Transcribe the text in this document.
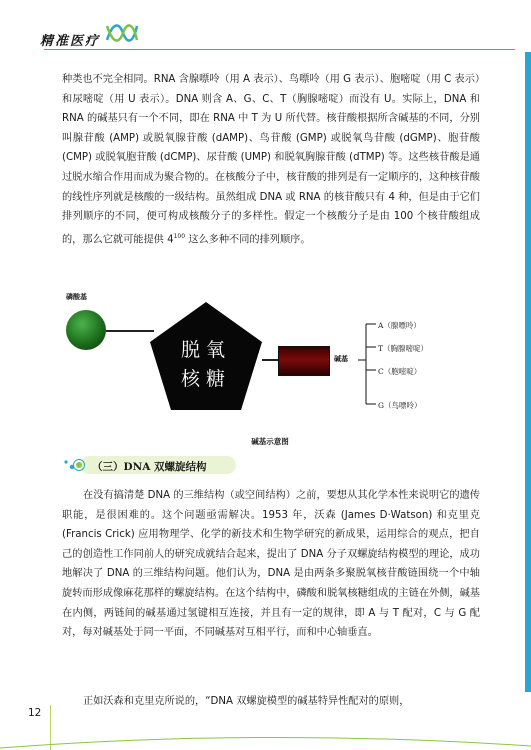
精准医疗
种类也不完全相同。RNA 含腺嘌呤（用 A 表示）、鸟嘌呤（用 G 表示）、胞嘧啶（用 C 表示）和尿嘧啶（用 U 表示）。DNA 则含 A、G、C、T（胸腺嘧啶）而没有 U。实际上，DNA 和 RNA 的碱基只有一个不同，即在 RNA 中 T 为 U 所代替。核苷酸根据所含碱基的不同，分别叫腺苷酸 (AMP) 或脱氧腺苷酸 (dAMP)、鸟苷酸 (GMP) 或脱氧鸟苷酸 (dGMP)、胞苷酸 (CMP) 或脱氧胞苷酸 (dCMP)、尿苷酸 (UMP) 和脱氧胸腺苷酸 (dTMP) 等。这些核苷酸是通过脱水缩合作用而成为聚合物的。在核酸分子中，核苷酸的排列是有一定顺序的，这种核苷酸的线性序列就是核酸的一级结构。虽然组成 DNA 或 RNA 的核苷酸只有 4 种，但是由于它们排列顺序的不同，便可构成核酸分子的多样性。假定一个核酸分子是由 100 个核苷酸组成的，那么它就可能提供 $4^{100}$ 这么多种不同的排列顺序。
磷酸基
脱氧
核糖
碱基
A（腺嘌呤）
T（胸腺嘧啶）
C（胞嘧啶）
G（鸟嘌呤）
碱基示意图
（三）DNA 双螺旋结构
在没有搞清楚 DNA 的三维结构（或空间结构）之前，要想从其化学本性来说明它的遗传职能，是很困难的。这个问题亟需解决。1953 年，沃森 (James D·Watson) 和克里克 (Francis Crick) 应用物理学、化学的新技术和生物学研究的新成果，运用综合的观点，把自己的创造性工作同前人的研究成就结合起来，提出了 DNA 分子双螺旋结构模型的理论，成功地解决了 DNA 的三维结构问题。他们认为，DNA 是由两条多聚脱氧核苷酸链围绕一个中轴旋转而形成像麻花那样的螺旋结构。在这个结构中，磷酸和脱氧核糖组成的主链在外侧，碱基在内侧，两链间的碱基通过氢键相互连接，并且有一定的规律，即 A 与 T 配对，C 与 G 配对，每对碱基处于同一平面，不同碱基对互相平行，而和中心轴垂直。
正如沃森和克里克所说的，“DNA 双螺旋模型的碱基特异性配对的原则，
12
